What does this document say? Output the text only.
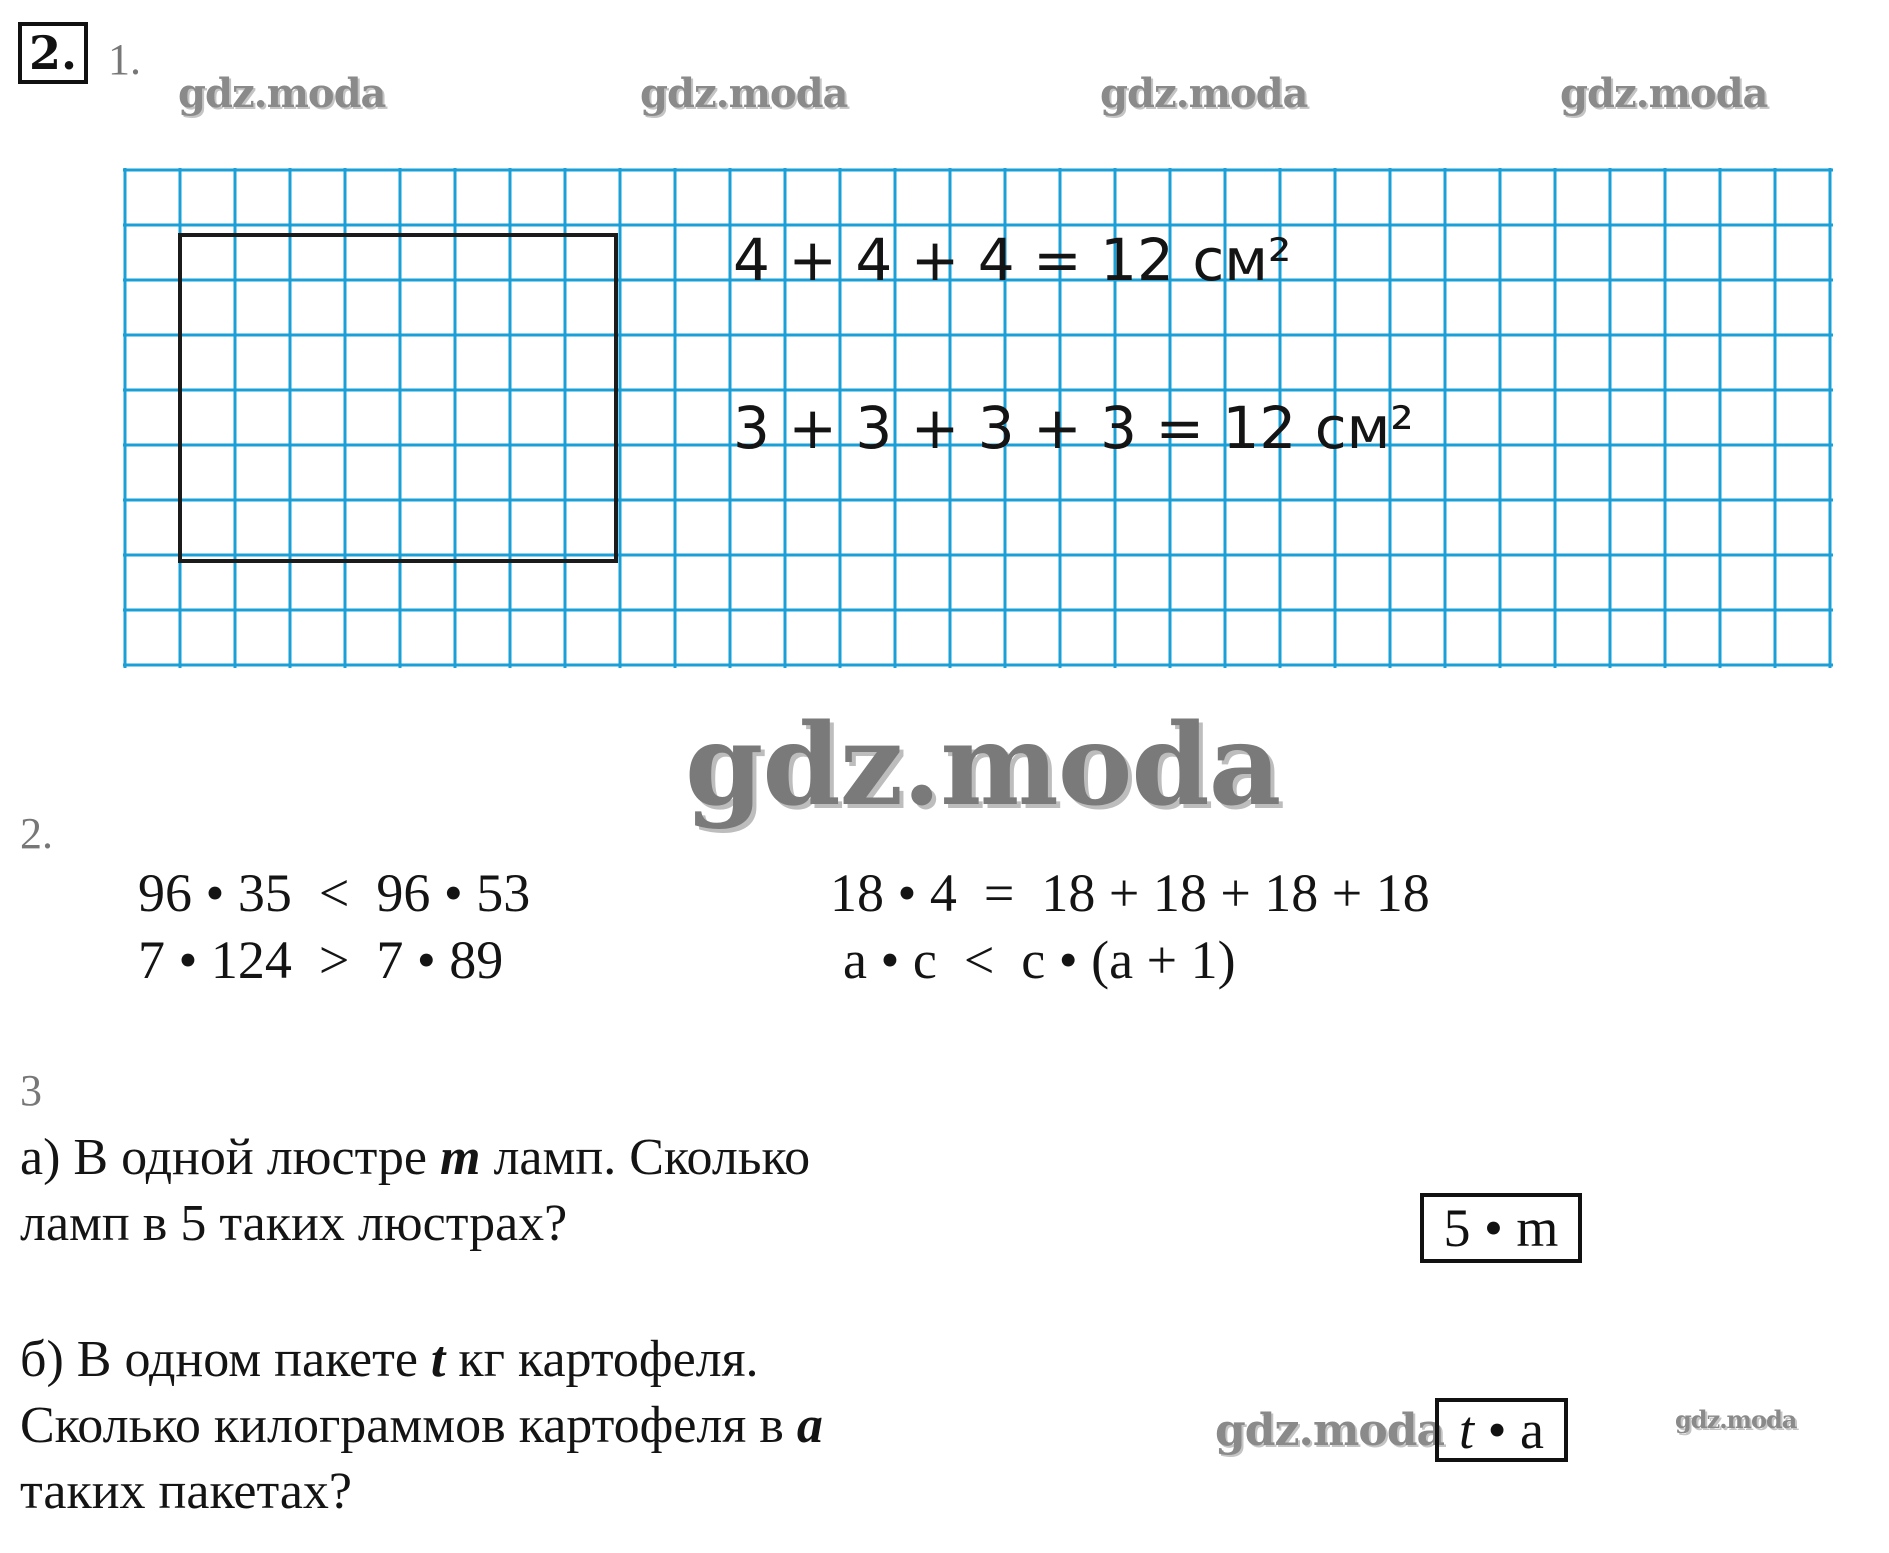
2. 1.
gdz.moda	gdz.moda	gdz.moda	gdz.moda
4 + 4 + 4 = 12 см²
3 + 3 + 3 + 3 = 12 см²
gdz.moda
2.
96 • 35  <  96 • 53
7 • 124  >  7 • 89
18 • 4  =  18 + 18 + 18 + 18
a • c  <  c • (a + 1)
3
а) В одной люстре m ламп. Сколько
ламп в 5 таких люстрах?	5 • m
б) В одном пакете t кг картофеля.
Сколько килограммов картофеля в a
таких пакетах?
gdz.moda t • a	gdz.moda
